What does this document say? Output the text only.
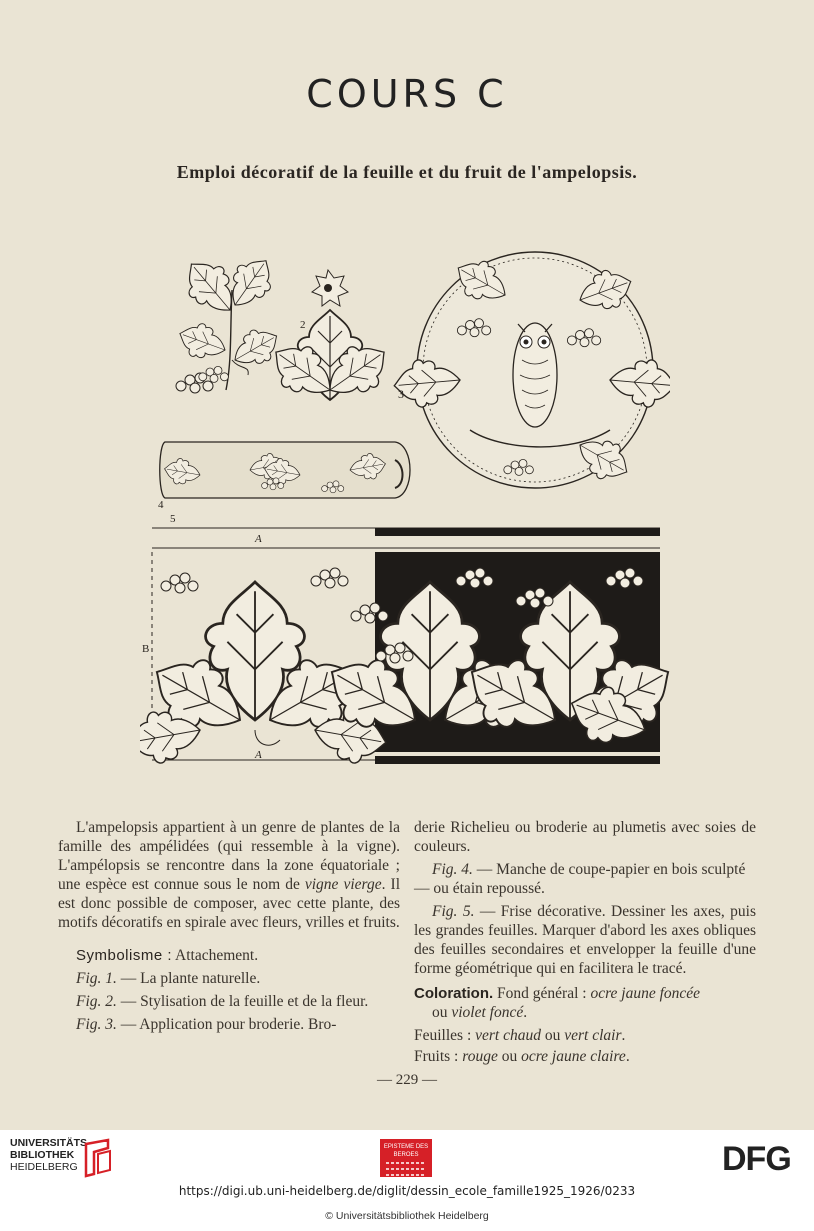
COURS C
Emploi décoratif de la feuille et du fruit de l'ampelopsis.
2
3
4
A
A
B
5

L'ampelopsis appartient à un genre de plantes de la famille des ampélidées (qui ressemble à la vigne). L'ampélopsis se rencontre dans la zone équatoriale ; une espèce est connue sous le nom de vigne vierge. Il est donc possible de composer, avec cette plante, des motifs décoratifs en spirale avec fleurs, vrilles et fruits.

Symbolisme : Attachement.

Fig. 1. — La plante naturelle.

Fig. 2. — Stylisation de la feuille et de la fleur.

Fig. 3. — Application pour broderie. Bro-

derie Richelieu ou broderie au plumetis avec soies de couleurs.

Fig. 4. — Manche de coupe-papier en bois sculpté — ou étain repoussé.

Fig. 5. — Frise décorative. Dessiner les axes, puis les grandes feuilles. Marquer d'abord les axes obliques des feuilles secondaires et envelopper la feuille d'une forme géométrique qui en facilitera le tracé.

Coloration. Fond général : ocre jaune foncée

ou violet foncé.

Feuilles : vert chaud ou vert clair.

Fruits : rouge ou ocre jaune claire.

— 229 —
UNIVERSITÄTS-
BIBLIOTHEK
HEIDELBERG
EPISTEME DES BEROES	DFG
https://digi.ub.uni-heidelberg.de/diglit/dessin_ecole_famille1925_1926/0233
© Universitätsbibliothek Heidelberg
